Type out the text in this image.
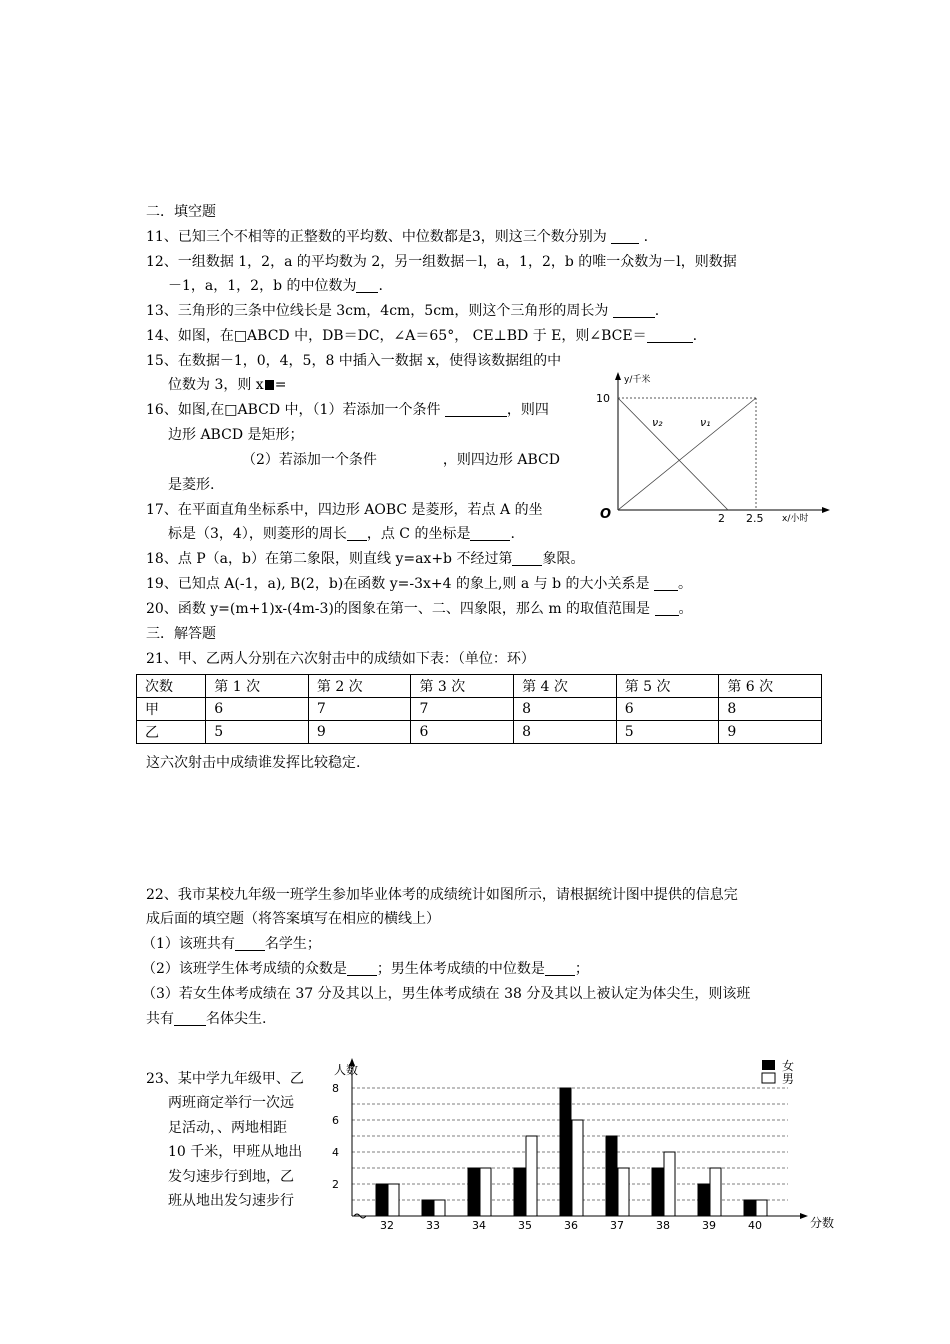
二．填空题
11、已知三个不相等的正整数的平均数、中位数都是3，则这三个数分别为	.
12、一组数据 1，2，a 的平均数为 2，另一组数据－l，a，1，2，b 的唯一众数为－l，则数据
－1，a，1，2，b 的中位数为 .
13、三角形的三条中位线长是 3cm，4cm，5cm，则这个三角形的周长为	.
14、如图，在□ABCD 中，DB＝DC，∠A＝65°， CE⊥BD 于 E，则∠BCE＝	.
15、在数据－1，0，4，5，8 中插入一数据 x，使得该数据组的中
位数为 3，则 x =
16、如图,在□ABCD 中，（1）若添加一个条件	，则四
边形 ABCD 是矩形；
（2）若添加一个条件	，则四边形 ABCD
是菱形.
17、在平面直角坐标系中，四边形 AOBC 是菱形，若点 A 的坐
标是（3，4），则菱形的周长 ，点 C 的坐标是	.
18、点 P（a，b）在第二象限，则直线 y=ax+b 不经过第 象限。
19、已知点 A(-1，a), B(2，b)在函数 y=-3x+4 的象上,则 a 与 b 的大小关系是 。
20、函数 y=(m+1)x-(4m-3)的图象在第一、二、四象限，那么 m 的取值范围是 。
三．解答题
21、甲、乙两人分别在六次射击中的成绩如下表：（单位：环）
次数	第 1 次	第 2 次	第 3 次	第 4 次	第 5 次	第 6 次
甲	6	7	7	8	6	8
乙	5	9	6	8	5	9
这六次射击中成绩谁发挥比较稳定.
22、我市某校九年级一班学生参加毕业体考的成绩统计如图所示，请根据统计图中提供的信息完
成后面的填空题（将答案填写在相应的横线上）
（1）该班共有 名学生；
（2）该班学生体考成绩的众数是 ；男生体考成绩的中位数是 ；
（3）若女生体考成绩在 37 分及其以上，男生体考成绩在 38 分及其以上被认定为体尖生，则该班
共有 名体尖生.
23、某中学九年级甲、乙
两班商定举行一次远
足活动，、两地相距
10 千米，甲班从地出
发匀速步行到地，乙
班从地出发匀速步行
y/千米
10
O	2 2.5 x/小时
ν₂	ν₁
人数
分数
2
4
6
8
32	33	34	35	36	37	38	39	40
女
男
